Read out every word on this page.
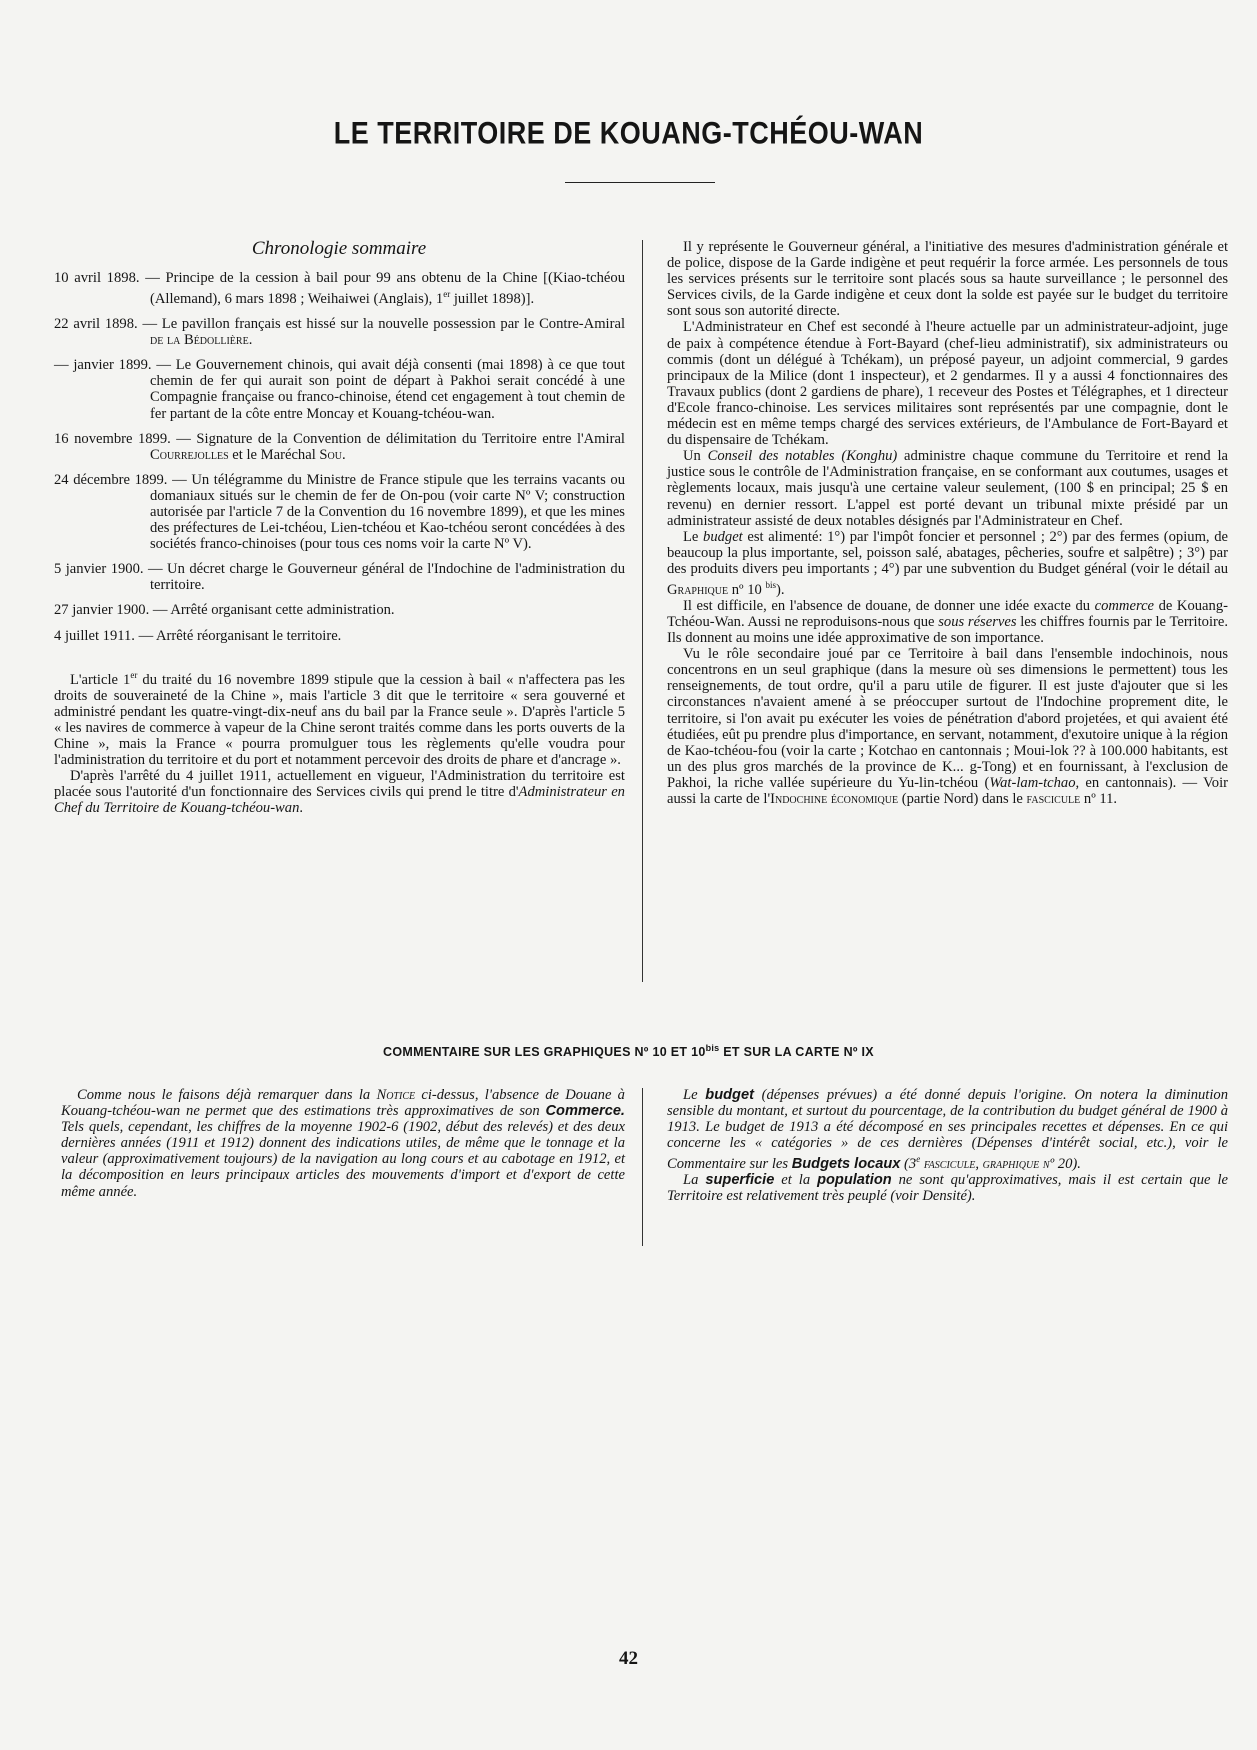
LE TERRITOIRE DE KOUANG-TCHÉOU-WAN
Chronologie sommaire
10 avril 1898. — Principe de la cession à bail pour 99 ans obtenu de la Chine [(Kiao-tchéou (Allemand), 6 mars 1898 ; Weihaiwei (Anglais), 1er juillet 1898)].
22 avril 1898. — Le pavillon français est hissé sur la nouvelle possession par le Contre-Amiral de la Bédollière.
— janvier 1899. — Le Gouvernement chinois, qui avait déjà consenti (mai 1898) à ce que tout chemin de fer qui aurait son point de départ à Pakhoi serait concédé à une Compagnie française ou franco-chinoise, étend cet engagement à tout chemin de fer partant de la côte entre Moncay et Kouang-tchéou-wan.
16 novembre 1899. — Signature de la Convention de délimitation du Territoire entre l'Amiral Courrejolles et le Maréchal Sou.
24 décembre 1899. — Un télégramme du Ministre de France stipule que les terrains vacants ou domaniaux situés sur le chemin de fer de On-pou (voir carte Nº V; construction autorisée par l'article 7 de la Convention du 16 novembre 1899), et que les mines des préfectures de Lei-tchéou, Lien-tchéou et Kao-tchéou seront concédées à des sociétés franco-chinoises (pour tous ces noms voir la carte Nº V).
5 janvier 1900. — Un décret charge le Gouverneur général de l'Indochine de l'administration du territoire.
27 janvier 1900. — Arrêté organisant cette administration.
4 juillet 1911. — Arrêté réorganisant le territoire.

L'article 1er du traité du 16 novembre 1899 stipule que la cession à bail « n'affectera pas les droits de souveraineté de la Chine », mais l'article 3 dit que le territoire « sera gouverné et administré pendant les quatre-vingt-dix-neuf ans du bail par la France seule ». D'après l'article 5 « les navires de commerce à vapeur de la Chine seront traités comme dans les ports ouverts de la Chine », mais la France « pourra promulguer tous les règlements qu'elle voudra pour l'administration du territoire et du port et notamment percevoir des droits de phare et d'ancrage ».

D'après l'arrêté du 4 juillet 1911, actuellement en vigueur, l'Administration du territoire est placée sous l'autorité d'un fonctionnaire des Services civils qui prend le titre d'Administrateur en Chef du Territoire de Kouang-tchéou-wan.

Il y représente le Gouverneur général, a l'initiative des mesures d'administration générale et de police, dispose de la Garde indigène et peut requérir la force armée. Les personnels de tous les services présents sur le territoire sont placés sous sa haute surveillance ; le personnel des Services civils, de la Garde indigène et ceux dont la solde est payée sur le budget du territoire sont sous son autorité directe.

L'Administrateur en Chef est secondé à l'heure actuelle par un administrateur-adjoint, juge de paix à compétence étendue à Fort-Bayard (chef-lieu administratif), six administrateurs ou commis (dont un délégué à Tchékam), un préposé payeur, un adjoint commercial, 9 gardes principaux de la Milice (dont 1 inspecteur), et 2 gendarmes. Il y a aussi 4 fonctionnaires des Travaux publics (dont 2 gardiens de phare), 1 receveur des Postes et Télégraphes, et 1 directeur d'Ecole franco-chinoise. Les services militaires sont représentés par une compagnie, dont le médecin est en même temps chargé des services extérieurs, de l'Ambulance de Fort-Bayard et du dispensaire de Tchékam.

Un Conseil des notables (Konghu) administre chaque commune du Territoire et rend la justice sous le contrôle de l'Administration française, en se conformant aux coutumes, usages et règlements locaux, mais jusqu'à une certaine valeur seulement, (100 $ en principal; 25 $ en revenu) en dernier ressort. L'appel est porté devant un tribunal mixte présidé par un administrateur assisté de deux notables désignés par l'Administrateur en Chef.

Le budget est alimenté: 1°) par l'impôt foncier et personnel ; 2°) par des fermes (opium, de beaucoup la plus importante, sel, poisson salé, abatages, pêcheries, soufre et salpêtre) ; 3°) par des produits divers peu importants ; 4°) par une subvention du Budget général (voir le détail au Graphique nº 10 $^{bis}$).

Il est difficile, en l'absence de douane, de donner une idée exacte du commerce de Kouang-Tchéou-Wan. Aussi ne reproduisons-nous que sous réserves les chiffres fournis par le Territoire. Ils donnent au moins une idée approximative de son importance.

Vu le rôle secondaire joué par ce Territoire à bail dans l'ensemble indochinois, nous concentrons en un seul graphique (dans la mesure où ses dimensions le permettent) tous les renseignements, de tout ordre, qu'il a paru utile de figurer. Il est juste d'ajouter que si les circonstances n'avaient amené à se préoccuper surtout de l'Indochine proprement dite, le territoire, si l'on avait pu exécuter les voies de pénétration d'abord projetées, et qui avaient été étudiées, eût pu prendre plus d'importance, en servant, notamment, d'exutoire unique à la région de Kao-tchéou-fou (voir la carte ; Kotchao en cantonnais ; Moui-lok ?? à 100.000 habitants, est un des plus gros marchés de la province de K... g-Tong) et en fournissant, à l'exclusion de Pakhoi, la riche vallée supérieure du Yu-lin-tchéou (Wat-lam-tchao, en cantonnais). — Voir aussi la carte de l'Indochine économique (partie Nord) dans le fascicule nº 11.

COMMENTAIRE SUR LES GRAPHIQUES Nº 10 ET $10^{bis}$ ET SUR LA CARTE Nº IX

Comme nous le faisons déjà remarquer dans la Notice ci-dessus, l'absence de Douane à Kouang-tchéou-wan ne permet que des estimations très approximatives de son Commerce. Tels quels, cependant, les chiffres de la moyenne 1902-6 (1902, début des relevés) et des deux dernières années (1911 et 1912) donnent des indications utiles, de même que le tonnage et la valeur (approximativement toujours) de la navigation au long cours et au cabotage en 1912, et la décomposition en leurs principaux articles des mouvements d'import et d'export de cette même année.

Le budget (dépenses prévues) a été donné depuis l'origine. On notera la diminution sensible du montant, et surtout du pourcentage, de la contribution du budget général de 1900 à 1913. Le budget de 1913 a été décomposé en ses principales recettes et dépenses. En ce qui concerne les « catégories » de ces dernières (Dépenses d'intérêt social, etc.), voir le Commentaire sur les Budgets locaux (3e fascicule, graphique nº 20).

La superficie et la population ne sont qu'approximatives, mais il est certain que le Territoire est relativement très peuplé (voir Densité).

42
